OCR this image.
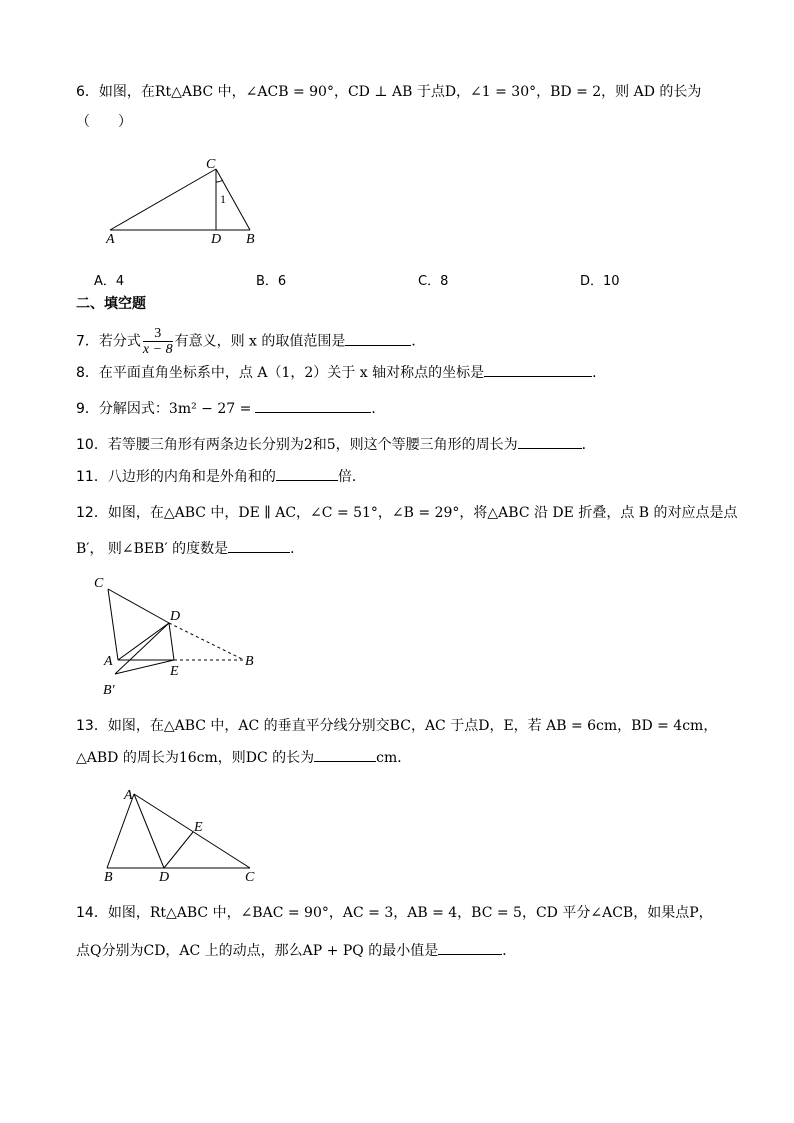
6．如图，在Rt△ABC 中，∠ACB = 90°，CD ⊥ AB 于点D，∠1 = 30°，BD = 2，则 AD 的长为
（　　）
C
A	D B
1
A．4	B．6	C．8	D．10
二、填空题
7．若分式 $\frac{3}{x - 8}$ 有意义，则 x 的取值范围是	．
8．在平面直角坐标系中，点 A（1，2）关于 x 轴对称点的坐标是	．
9．分解因式：3m² − 27 =	．
10．若等腰三角形有两条边长分别为2和5，则这个等腰三角形的周长为	．
11．八边形的内角和是外角和的	倍．
12．如图，在△ABC 中，DE ∥ AC，∠C = 51°，∠B = 29°，将△ABC 沿 DE 折叠，点 B 的对应点是点
B′， 则∠BEB′ 的度数是	．
C
D
A
E
B
B′
13．如图，在△ABC 中，AC 的垂直平分线分别交BC，AC 于点D，E，若 AB = 6cm，BD = 4cm，
△ABD 的周长为16cm，则DC 的长为	cm．
A
E
B	D	C
14．如图，Rt△ABC 中，∠BAC = 90°，AC = 3，AB = 4，BC = 5，CD 平分∠ACB，如果点P，
点Q分别为CD，AC 上的动点，那么AP + PQ 的最小值是	．
